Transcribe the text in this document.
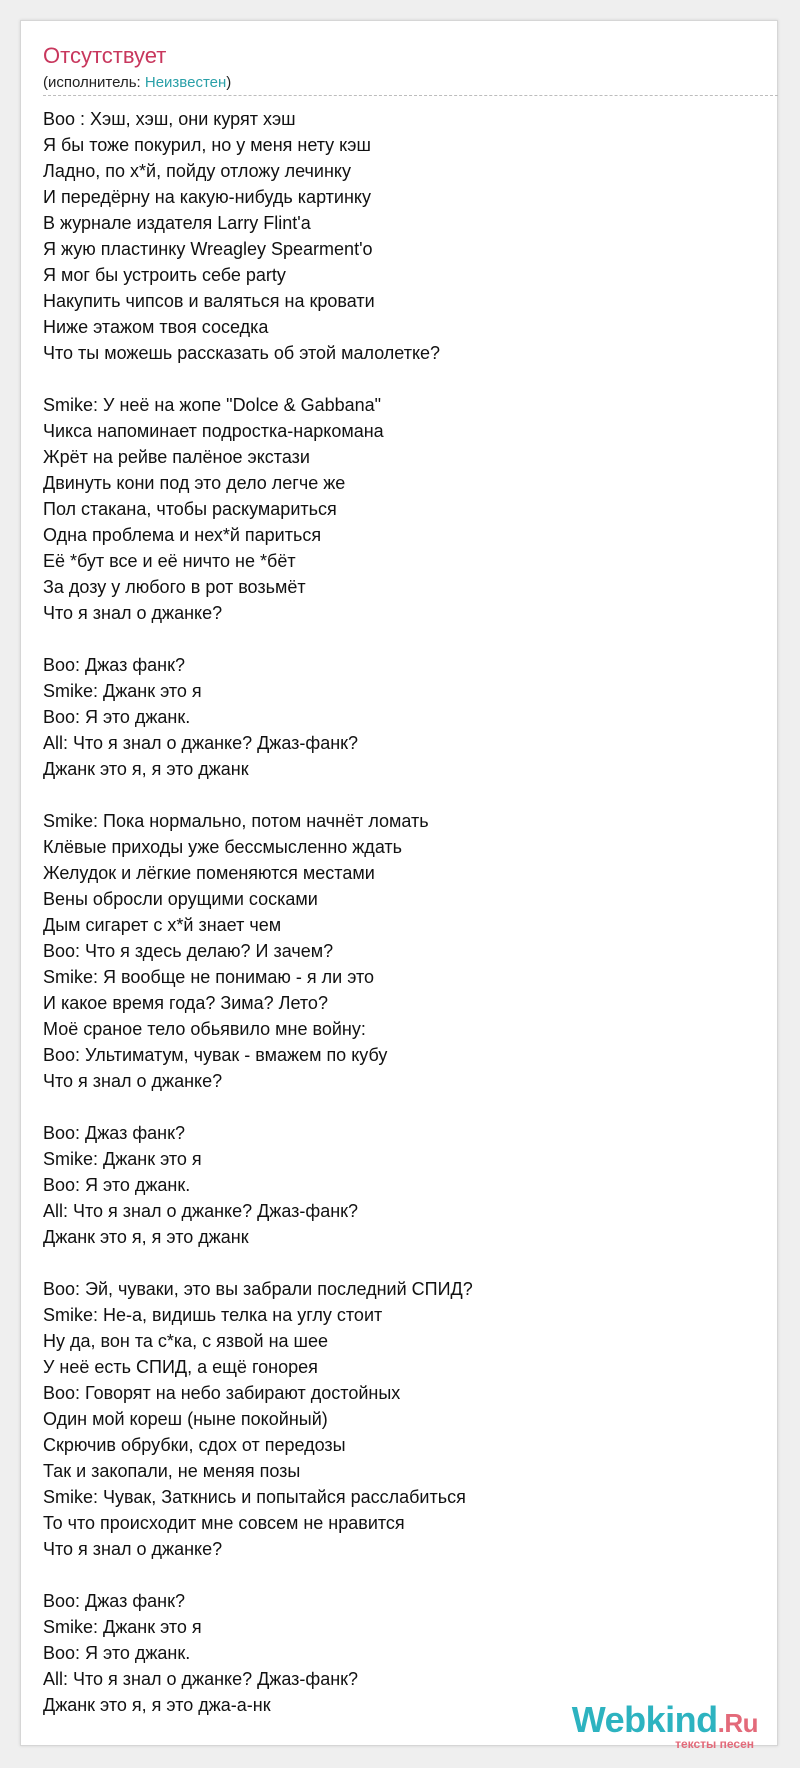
Отсутствует
(исполнитель: Неизвестен)
Boo : Хэш, хэш, они курят хэш
Я бы тоже покурил, но у меня нету кэш
Ладно, по х*й, пойду отложу лечинку
И передёрну на какую-нибудь картинку
В журнале издателя Larry Flint'a
Я жую пластинку Wreagley Spearment'o
Я мог бы устроить себе party
Накупить чипсов и валяться на кровати
Ниже этажом твоя соседка
Что ты можешь рассказать об этой малолетке?
Smike: У неё на жопе "Dolce & Gabbana"
Чикса напоминает подростка-наркомана
Жрёт на рейве палёное экстази
Двинуть кони под это дело легче же
Пол стакана, чтобы раскумариться
Одна проблема и нех*й париться
Её *бут все и её ничто не *бёт
За дозу у любого в рот возьмёт
Что я знал о джанке?
Boo: Джаз фанк?
Smike: Джанк это я
Boo: Я это джанк.
All: Что я знал о джанке? Джаз-фанк?
Джанк это я, я это джанк
Smike: Пока нормально, потом начнёт ломать
Клёвые приходы уже бессмысленно ждать
Желудок и лёгкие поменяются местами
Вены обросли орущими сосками
Дым сигарет с х*й знает чем
Boo: Что я здесь делаю? И зачем?
Smike: Я вообще не понимаю - я ли это
И какое время года? Зима? Лето?
Моё сраное тело обьявило мне войну:
Boo: Ультиматум, чувак - вмажем по кубу
Что я знал о джанке?
Boo: Джаз фанк?
Smike: Джанк это я
Boo: Я это джанк.
All: Что я знал о джанке? Джаз-фанк?
Джанк это я, я это джанк
Boo: Эй, чуваки, это вы забрали последний СПИД?
Smike: Не-а, видишь телка на углу стоит
Ну да, вон та с*ка, с язвой на шее
У неё есть СПИД, а ещё гонорея
Boo: Говорят на небо забирают достойных
Один мой кореш (ныне покойный)
Скрючив обрубки, сдох от передозы
Так и закопали, не меняя позы
Smike: Чувак, Заткнись и попытайся расслабиться
То что происходит мне совсем не нравится
Что я знал о джанке?
Boo: Джаз фанк?
Smike: Джанк это я
Boo: Я это джанк.
All: Что я знал о джанке? Джаз-фанк?
Джанк это я, я это джа-а-нк	Webkind.Ru
тексты песен
